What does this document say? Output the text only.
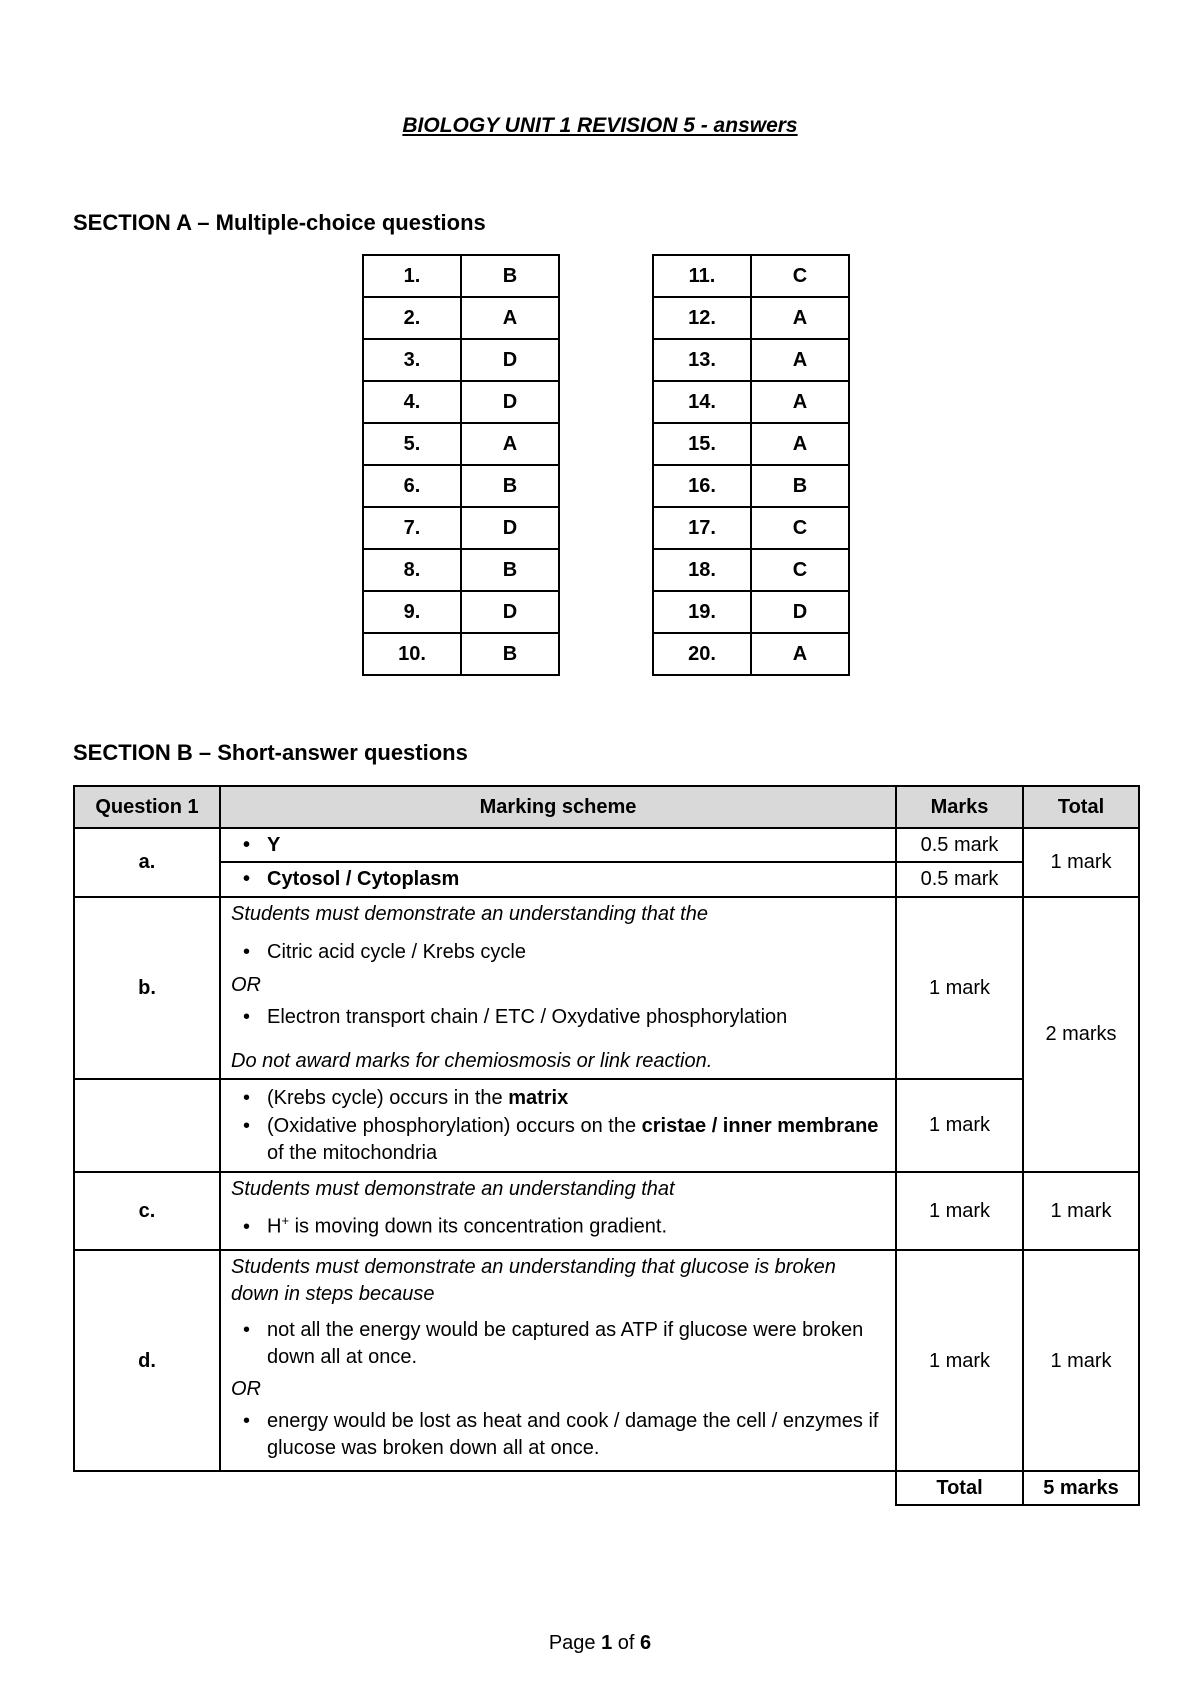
BIOLOGY UNIT 1 REVISION 5 - answers
SECTION A – Multiple-choice questions
1.	B
2.	A
3.	D
4.	D
5.	A
6.	B
7.	D
8.	B
9.	D
10.	B
11.	C
12.	A
13.	A
14.	A
15.	A
16.	B
17.	C
18.	C
19.	D
20.	A
SECTION B – Short-answer questions
Question 1	Marking scheme	Marks	Total
a.	• Y	0.5 mark	1 mark

	• Cytosol / Cytoplasm	0.5 mark	
b.	Students must demonstrate an understanding that the
• Citric acid cycle / Krebs cycle
OR
• Electron transport chain / ETC / Oxydative phosphorylation
Do not award marks for chemiosmosis or link reaction.	1 mark	2 marks

	• (Krebs cycle) occurs in the matrix
• (Oxidative phosphorylation) occurs on the cristae / inner membrane of the mitochondria	1 mark	
c.	Students must demonstrate an understanding that
• H+ is moving down its concentration gradient.	1 mark	1 mark
d.	Students must demonstrate an understanding that glucose is broken down in steps because
• not all the energy would be captured as ATP if glucose were broken down all at once.
OR
• energy would be lost as heat and cook / damage the cell / enzymes if glucose was broken down all at once.	1 mark	1 mark
		Total	5 marks
Page 1 of 6
